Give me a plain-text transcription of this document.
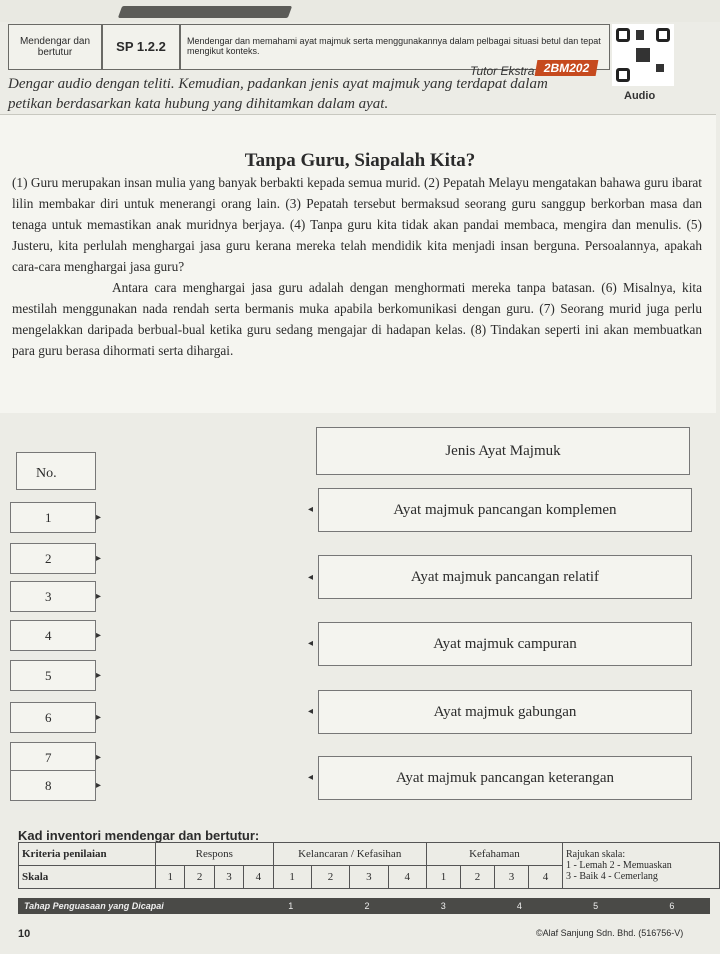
Mendengar dan bertutur	SP 1.2.2 Mendengar dan memahami ayat majmuk serta menggunakannya dalam pelbagai situasi betul dan tepat mengikut konteks.
Audio
Dengar audio dengan teliti. Kemudian, padankan jenis ayat majmuk yang terdapat dalam petikan berdasarkan kata hubung yang dihitamkan dalam ayat.
Tutor Ekstra 2BM202
Tanpa Guru, Siapalah Kita?

(1) Guru merupakan insan mulia yang banyak berbakti kepada semua murid. (2) Pepatah Melayu mengatakan bahawa guru ibarat lilin membakar diri untuk menerangi orang lain. (3) Pepatah tersebut bermaksud seorang guru sanggup berkorban masa dan tenaga untuk memastikan anak muridnya berjaya. (4) Tanpa guru kita tidak akan pandai membaca, mengira dan menulis. (5) Justeru, kita perlulah menghargai jasa guru kerana mereka telah mendidik kita menjadi insan berguna. Persoalannya, apakah cara-cara menghargai jasa guru?

Antara cara menghargai jasa guru adalah dengan menghormati mereka tanpa batasan. (6) Misalnya, kita mestilah menggunakan nada rendah serta bermanis muka apabila berkomunikasi dengan guru. (7) Seorang murid juga perlu mengelakkan daripada berbual-bual ketika guru sedang mengajar di hadapan kelas. (8) Tindakan seperti ini akan membuatkan para guru berasa dihormati serta dihargai.

No.
Jenis Ayat Majmuk
1
2
3
4
5
6
7
8
▸
▸
▸
▸
▸
▸
▸
▸
Ayat majmuk pancangan komplemen
Ayat majmuk pancangan relatif
Ayat majmuk campuran
Ayat majmuk gabungan
Ayat majmuk pancangan keterangan
◂
◂
◂
◂
◂
Kad inventori mendengar dan bertutur:
Kriteria penilaian	Respons				Kelancaran / Kefasihan				Kefahaman				Rajukan skala:
1 - Lemah 2 - Memuaskan
3 - Baik 4 - Cemerlang

Skala	1	2	3	4	1	2	3	4	1	2	3	4	
Tahap Penguasaan yang Dicapai	1	2	3	4	5	6
10	©Alaf Sanjung Sdn. Bhd. (516756-V)
